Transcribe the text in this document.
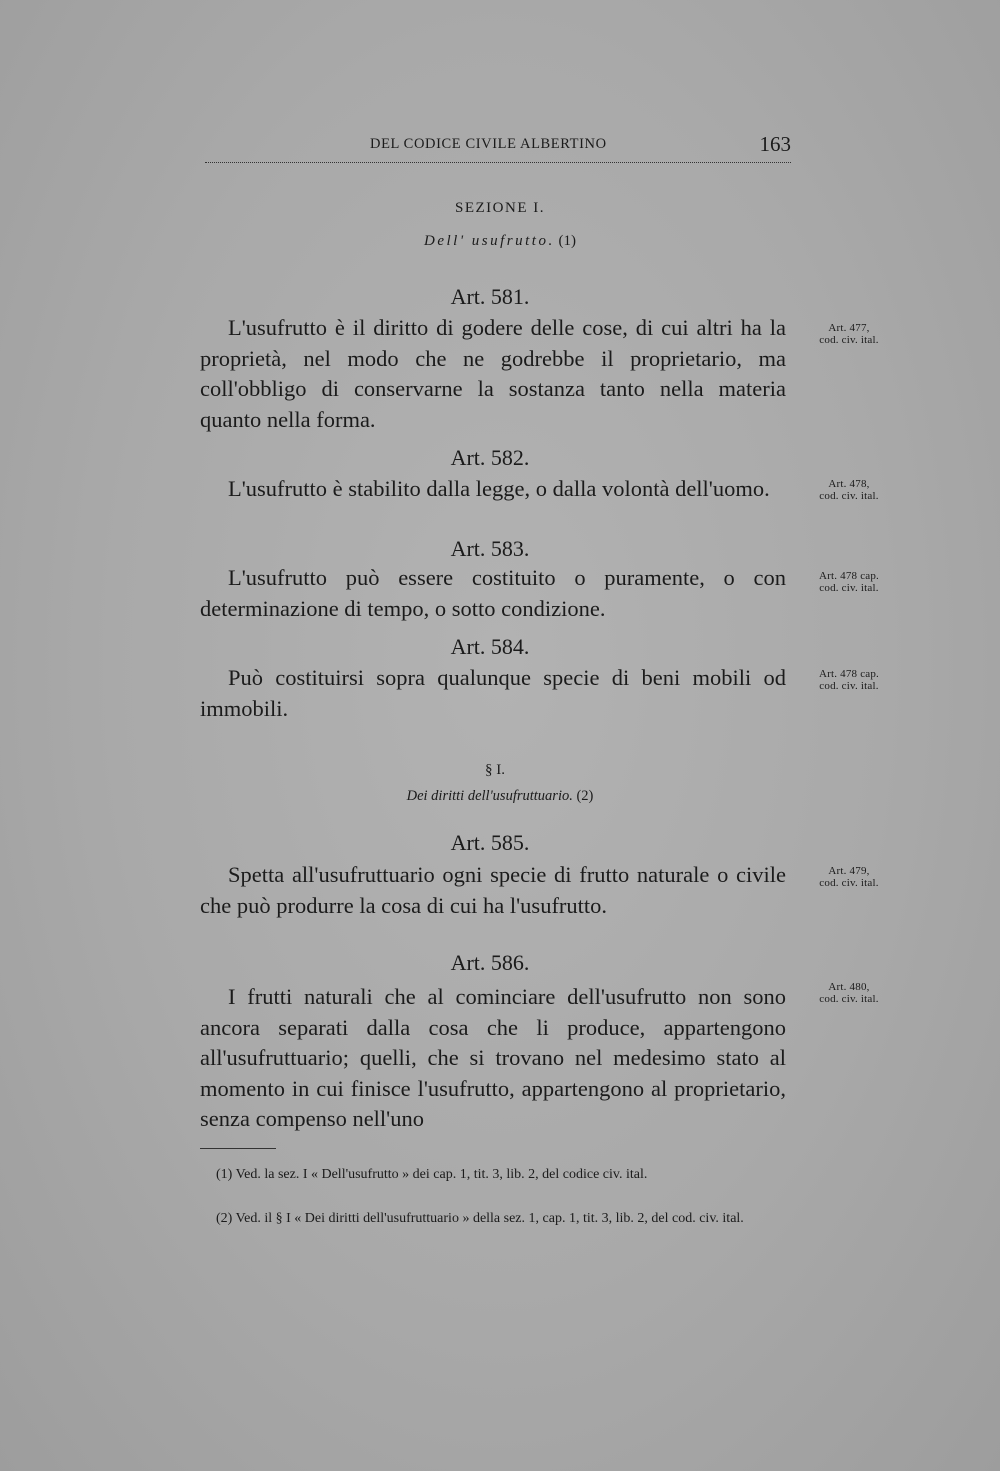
DEL CODICE CIVILE ALBERTINO	163
SEZIONE I.
Dell' usufrutto. (1)
Art. 581.
L'usufrutto è il diritto di godere delle cose, di cui altri ha la proprietà, nel modo che ne godrebbe il proprietario, ma coll'obbligo di conservarne la sostanza tanto nella materia quanto nella forma.
Art. 477,
cod. civ. ital.
Art. 582.
L'usufrutto è stabilito dalla legge, o dalla volontà dell'uomo.	Art. 478,
cod. civ. ital.
Art. 583.
L'usufrutto può essere costituito o puramente, o con determinazione di tempo, o sotto condizione.
Art. 478 cap.
cod. civ. ital.
Art. 584.
Può costituirsi sopra qualunque specie di beni mobili od immobili.
Art. 478 cap.
cod. civ. ital.
§ I.
Dei diritti dell'usufruttuario. (2)
Art. 585.
Spetta all'usufruttuario ogni specie di frutto naturale o civile che può produrre la cosa di cui ha l'usufrutto.
Art. 479,
cod. civ. ital.
Art. 586.
I frutti naturali che al cominciare dell'usufrutto non sono ancora separati dalla cosa che li produce, appartengono all'usufruttuario; quelli, che si trovano nel medesimo stato al momento in cui finisce l'usufrutto, appartengono al proprietario, senza compenso nell'uno
Art. 480,
cod. civ. ital.
(1) Ved. la sez. I « Dell'usufrutto » dei cap. 1, tit. 3, lib. 2, del codice civ. ital.
(2) Ved. il § I « Dei diritti dell'usufruttuario » della sez. 1, cap. 1, tit. 3, lib. 2, del cod. civ. ital.
